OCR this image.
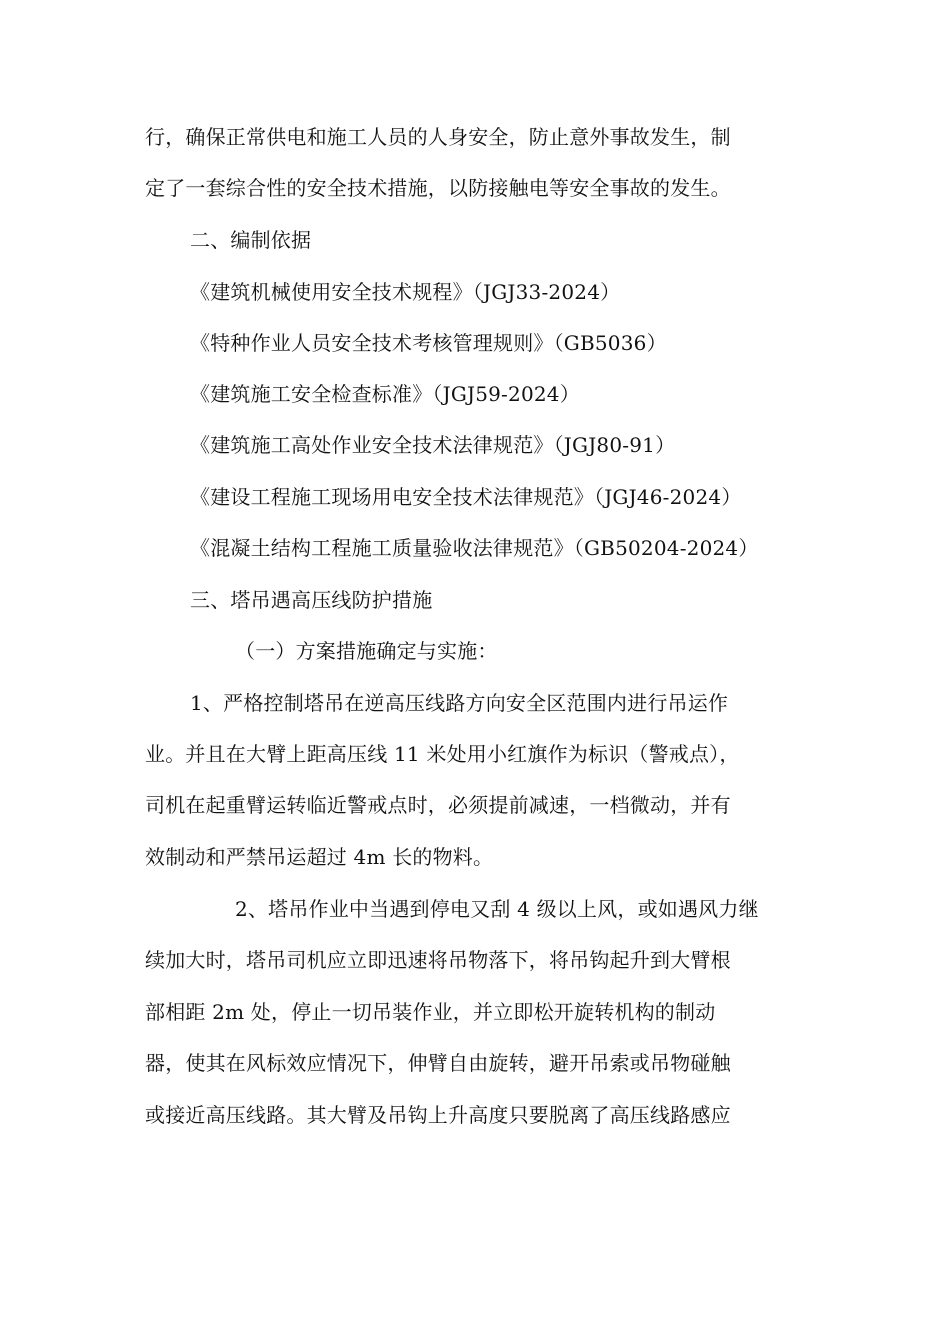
行，确保正常供电和施工人员的人身安全，防止意外事故发生，制
定了一套综合性的安全技术措施，以防接触电等安全事故的发生。
二、编制依据
《建筑机械使用安全技术规程》（JGJ33-2024）
《特种作业人员安全技术考核管理规则》（GB5036）
《建筑施工安全检查标准》（JGJ59-2024）
《建筑施工高处作业安全技术法律规范》（JGJ80-91）
《建设工程施工现场用电安全技术法律规范》（JGJ46-2024）
《混凝土结构工程施工质量验收法律规范》（GB50204-2024）
三、塔吊遇高压线防护措施
（一）方案措施确定与实施：
1、严格控制塔吊在逆高压线路方向安全区范围内进行吊运作
业。并且在大臂上距高压线 11 米处用小红旗作为标识（警戒点），
司机在起重臂运转临近警戒点时，必须提前减速，一档微动，并有
效制动和严禁吊运超过 4m 长的物料。
2、塔吊作业中当遇到停电又刮 4 级以上风，或如遇风力继
续加大时，塔吊司机应立即迅速将吊物落下，将吊钩起升到大臂根
部相距 2m 处，停止一切吊装作业，并立即松开旋转机构的制动
器，使其在风标效应情况下，伸臂自由旋转，避开吊索或吊物碰触
或接近高压线路。其大臂及吊钩上升高度只要脱离了高压线路感应
